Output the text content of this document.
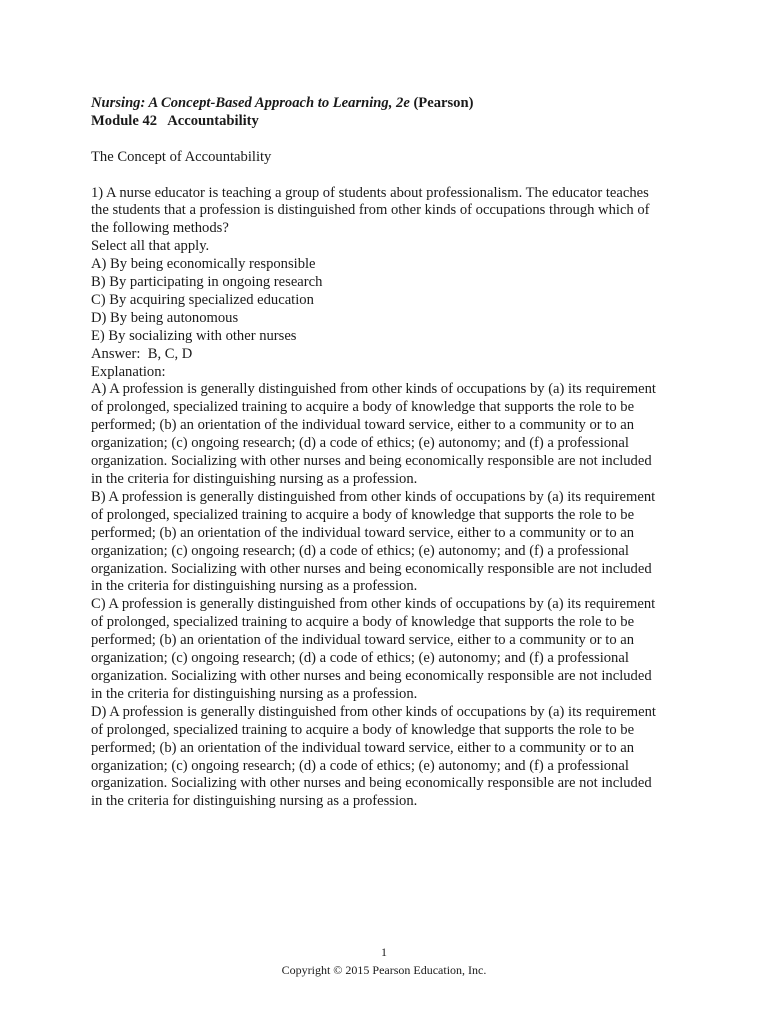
Nursing: A Concept-Based Approach to Learning, 2e (Pearson)
Module 42   Accountability
The Concept of Accountability
1) A nurse educator is teaching a group of students about professionalism. The educator teaches
the students that a profession is distinguished from other kinds of occupations through which of
the following methods?
Select all that apply.
A) By being economically responsible
B) By participating in ongoing research
C) By acquiring specialized education
D) By being autonomous
E) By socializing with other nurses
Answer:  B, C, D
Explanation:
A) A profession is generally distinguished from other kinds of occupations by (a) its requirement
of prolonged, specialized training to acquire a body of knowledge that supports the role to be
performed; (b) an orientation of the individual toward service, either to a community or to an
organization; (c) ongoing research; (d) a code of ethics; (e) autonomy; and (f) a professional
organization. Socializing with other nurses and being economically responsible are not included
in the criteria for distinguishing nursing as a profession.
B) A profession is generally distinguished from other kinds of occupations by (a) its requirement
of prolonged, specialized training to acquire a body of knowledge that supports the role to be
performed; (b) an orientation of the individual toward service, either to a community or to an
organization; (c) ongoing research; (d) a code of ethics; (e) autonomy; and (f) a professional
organization. Socializing with other nurses and being economically responsible are not included
in the criteria for distinguishing nursing as a profession.
C) A profession is generally distinguished from other kinds of occupations by (a) its requirement
of prolonged, specialized training to acquire a body of knowledge that supports the role to be
performed; (b) an orientation of the individual toward service, either to a community or to an
organization; (c) ongoing research; (d) a code of ethics; (e) autonomy; and (f) a professional
organization. Socializing with other nurses and being economically responsible are not included
in the criteria for distinguishing nursing as a profession.
D) A profession is generally distinguished from other kinds of occupations by (a) its requirement
of prolonged, specialized training to acquire a body of knowledge that supports the role to be
performed; (b) an orientation of the individual toward service, either to a community or to an
organization; (c) ongoing research; (d) a code of ethics; (e) autonomy; and (f) a professional
organization. Socializing with other nurses and being economically responsible are not included
in the criteria for distinguishing nursing as a profession.
1
Copyright © 2015 Pearson Education, Inc.
